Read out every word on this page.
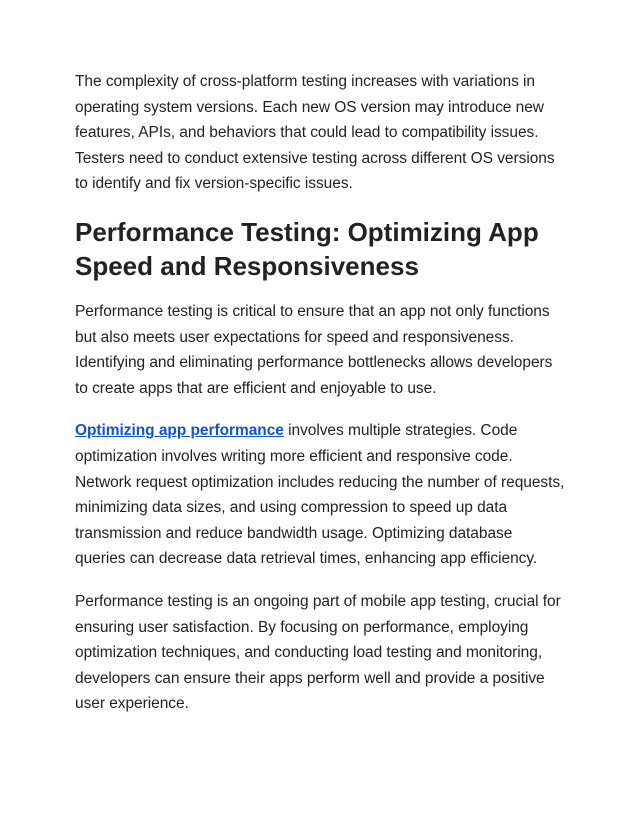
The complexity of cross-platform testing increases with variations in operating system versions. Each new OS version may introduce new features, APIs, and behaviors that could lead to compatibility issues. Testers need to conduct extensive testing across different OS versions to identify and fix version-specific issues.

Performance Testing: Optimizing App Speed and Responsiveness

Performance testing is critical to ensure that an app not only functions but also meets user expectations for speed and responsiveness. Identifying and eliminating performance bottlenecks allows developers to create apps that are efficient and enjoyable to use.

Optimizing app performance involves multiple strategies. Code optimization involves writing more efficient and responsive code. Network request optimization includes reducing the number of requests, minimizing data sizes, and using compression to speed up data transmission and reduce bandwidth usage. Optimizing database queries can decrease data retrieval times, enhancing app efficiency.

Performance testing is an ongoing part of mobile app testing, crucial for ensuring user satisfaction. By focusing on performance, employing optimization techniques, and conducting load testing and monitoring, developers can ensure their apps perform well and provide a positive user experience.
